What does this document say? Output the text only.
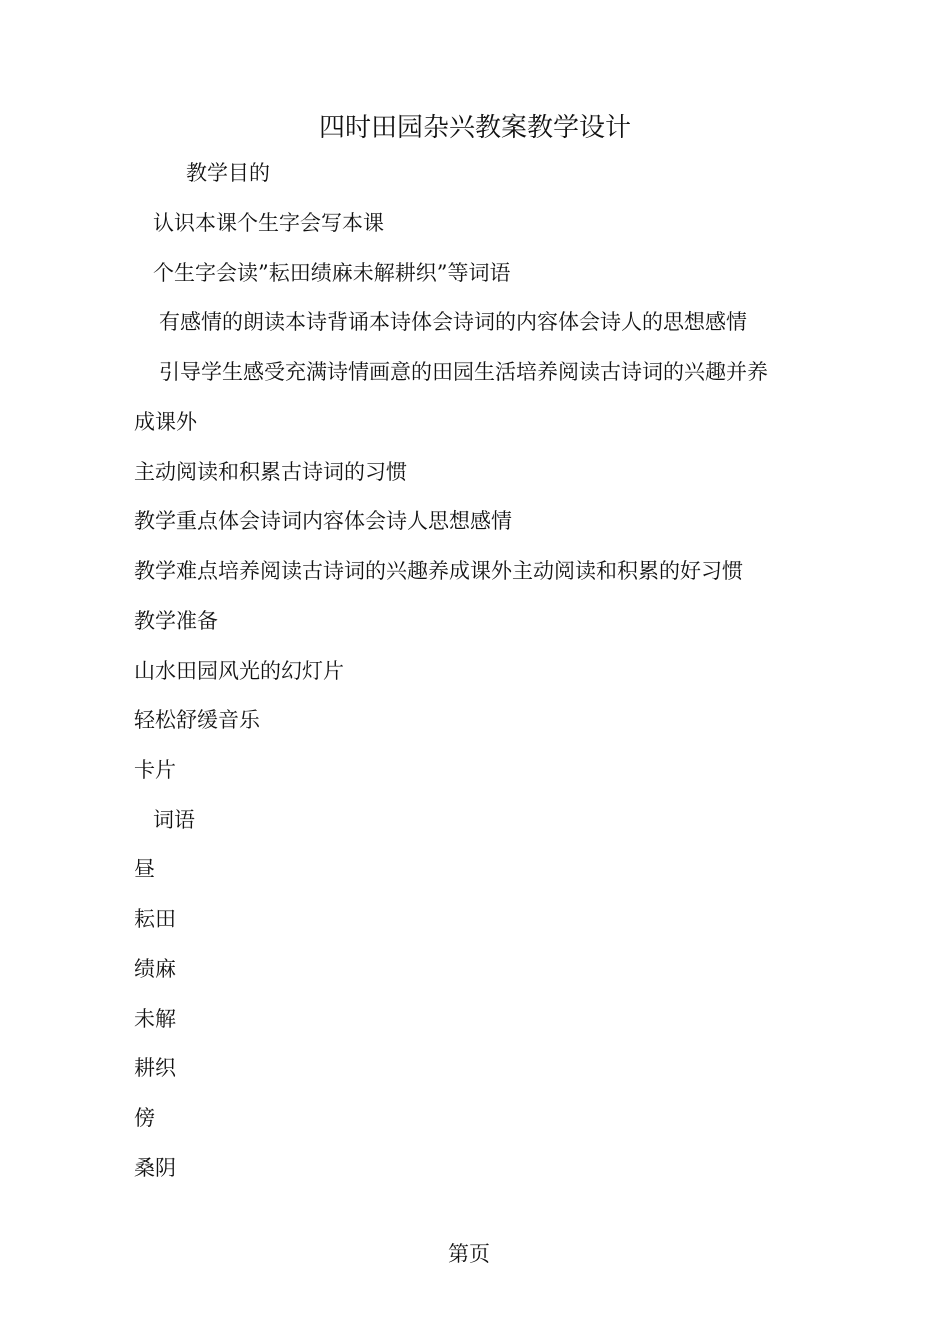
四时田园杂兴教案教学设计
教学目的
认识本课个生字会写本课
个生字会读”耘田绩麻未解耕织”等词语
有感情的朗读本诗背诵本诗体会诗词的内容体会诗人的思想感情
引导学生感受充满诗情画意的田园生活培养阅读古诗词的兴趣并养
成课外
主动阅读和积累古诗词的习惯
教学重点体会诗词内容体会诗人思想感情
教学难点培养阅读古诗词的兴趣养成课外主动阅读和积累的好习惯
教学准备
山水田园风光的幻灯片
轻松舒缓音乐
卡片
词语
昼
耘田
绩麻
未解
耕织
傍
桑阴
第页
